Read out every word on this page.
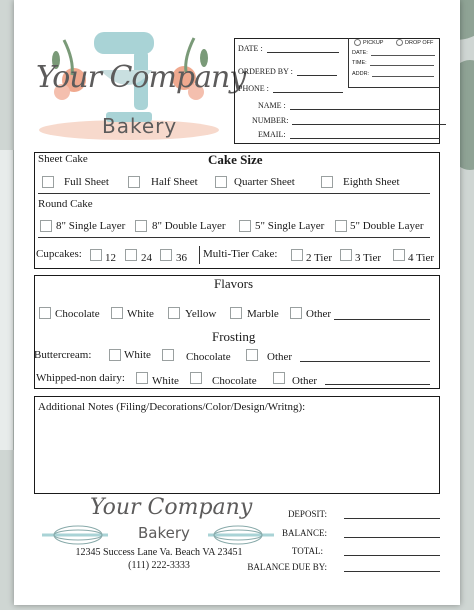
Your Company
Bakery
DATE :
ORDERED BY :
PHONE :
NAME :
NUMBER:
EMAIL:
PICKUP	DROP OFF
DATE:
TIME:
ADDR:
Sheet Cake	Cake Size
Full Sheet	Half Sheet	Quarter Sheet	Eighth Sheet
Round Cake
8" Single Layer 8" Double Layer	5" Single Layer 5" Double Layer
Cupcakes: 12 24 36 Multi-Tier Cake:	2 Tier 3 Tier 4 Tier
Flavors
Chocolate White	Yellow	Marble Other
Frosting
Buttercream:	White	Chocolate	Other
Whipped-non dairy: White	Chocolate	Other
Additional Notes (Filing/Decorations/Color/Design/Writng):
Your Company
Bakery
12345 Success Lane Va. Beach VA 23451
(111) 222-3333
DEPOSIT:
BALANCE:
TOTAL:
BALANCE DUE BY:
